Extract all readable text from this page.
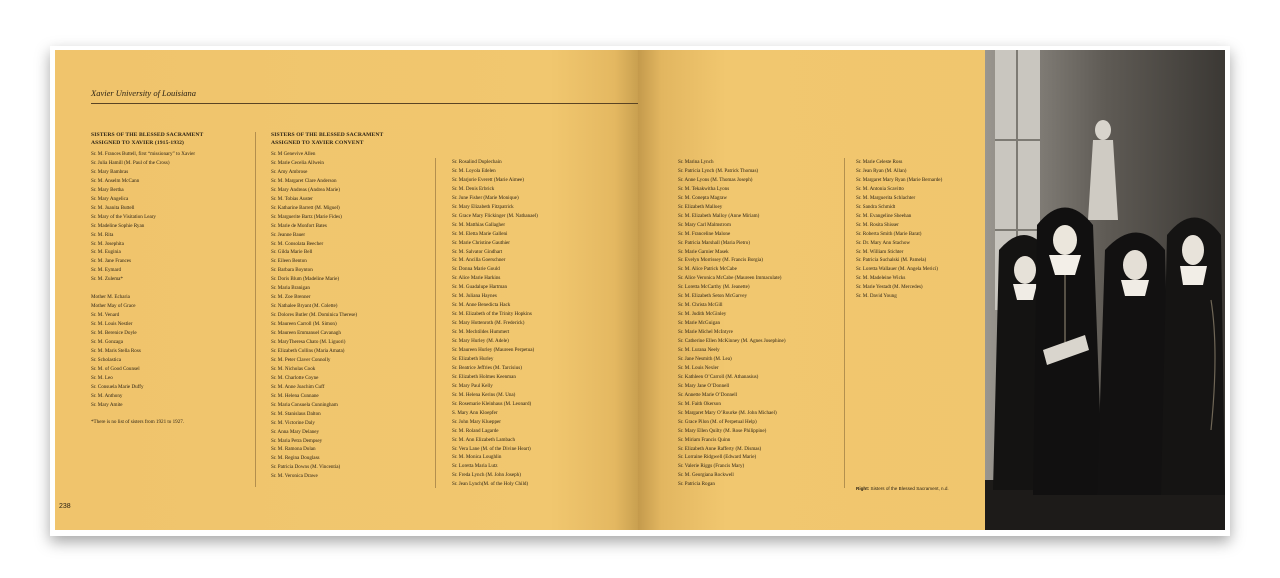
Xavier University of Louisiana
SISTERS OF THE BLESSED SACRAMENT
ASSIGNED TO XAVIER (1915-1932)
Sr. M. Frances Buttell, first “missionary” to Xavier
Sr. Julia Hamill (M. Paul of the Cross)
Sr. Mary Bambras
Sr. M. Anselm McCann
Sr. Mary Bertha
Sr. Mary Angelica
Sr. M. Juanita Buttell
Sr. Mary of the Visitation Leary
Sr. Madeline Sophie Ryan
Sr. M. Rita
Sr. M. Josephita
Sr. M. Euginia
Sr. M. Jane Frances
Sr. M. Eymard
Sr. M. Zulema*
Mother M. Echaria
Mother May of Grace
Sr. M. Venard
Sr. M. Louis Nestler
Sr. M. Berenice Doyle
Sr. M. Gonzaga
Sr. M. Maris Stella Ross
Sr. Scholastica
Sr. M. of Good Counsel
Sr. M. Leo
Sr. Consuela Marie Duffy
Sr. M. Anthony
Sr. Mary Amite
*There is no list of sisters from 1921 to 1927.
SISTERS OF THE BLESSED SACRAMENT
ASSIGNED TO XAVIER CONVENT
Sr. M Genevive Allen
Sr. Marie Cecelia Allwein
Sr. Amy Ambrose
Sr. M. Margaret Clare Anderson
Sr. Mary Andreas (Andrea Marie)
Sr. M. Tobias Auster
Sr. Katharine Barrett (M. Miguel)
Sr. Marguerite Bartz (Marie Fides)
Sr. Marie de Monfort Bates
Sr. Jeanne Bauer
Sr. M. Consolata Beecher
Sr. Gilda Marie Bell
Sr. Eileen Benton
Sr. Barbara Boynton
Sr. Doris Blum (Madeline Marie)
Sr. Maria Branigan
Sr. M. Zoe Brenner
Sr. Nathalee Bryant (M. Colette)
Sr. Dolores Butler (M. Dominica Therese)
Sr. Maureen Carroll (M. Simon)
Sr. Maureen Emmanuel Cavanagh
Sr. MaryTheresa Chato (M. Liguori)
Sr. Elizabeth Collins (Maria Amata)
Sr. M. Peter Claver Connolly
Sr. M. Nicholas Cook
Sr. M. Charlotte Coyne
Sr. M. Anne Joachim Cuff
Sr. M. Helena Cunnane
Sr. Maria Consuela Cunningham
Sr. M. Stanislaus Dalton
Sr. M. Victorine Daly
Sr. Anna Mary Delaney
Sr. Maria Petra Dempsey
Sr. M. Ramona Dolan
Sr. M. Regina Douglass
Sr. Patricia Downs (M. Vincentia)
Sr. M. Veronica Drawe
Sr. Rosalind Duplechain
Sr. M. Loyola Edelen
Sr. Marjorie Everett (Marie Aimee)
Sr. M. Denis Erbrick
Sr. June Fisher (Marie Monique)
Sr. Mary Elizabeth Fitzpatrick
Sr. Grace Mary Flickinger (M. Nathanael)
Sr. M. Matthias Gallagher
Sr. M. Eletta Marie Galleni
Sr. Marie Christine Gauthier
Sr. M. Salvator Gindhart
Sr. M. Ancilla Goerschner
Sr. Donna Marie Gould
Sr. Alice Marie Harkins
Sr. M. Guadalupe Hartman
Sr. M. Juliana Haynes
Sr. M. Anne Benedicta Hack
Sr. M. Elizabeth of the Trinity Hopkins
Sr. Mary Hottenroth (M. Frederick)
Sr. M. Mechtildes Hummert
Sr. Mary Hurley (M. Adele)
Sr. Maureen Hurley (Maureen Perpetua)
Sr. Elizabeth Hurley
Sr. Beatrice Jeffries (M. Tarcisius)
Sr. Elizabeth Holmes Keenman
Sr. Mary Paul Kelly
Sr. M. Helena Kerins (M. Una)
Sr. Rosemarie Kleinhaus (M. Leonard)
S. Mary Ann Kloepfer
Sr. John Mary Kluepper
Sr. M. Roland Lagarde
Sr. M. Ann Elizabeth Lambach
Sr. Vera Lane (M. of the Divine Heart)
Sr. M. Monica Loughlin
Sr. Loretta Maria Lutz
Sr. Freda Lynch (M. John Joseph)
Sr. Jean Lynch(M. of the Holy Child)
238
Sr. Marina Lynch
Sr. Patricia Lynch (M. Patrick Thomas)
Sr. Anne Lyons (M. Thomas Joseph)
Sr. M. Tekakwitha Lyons
Sr. M. Conepta Magraw
Sr. Elizabeth Malloey
Sr. M. Elizabeth Malloy (Anne Miriam)
Sr. Mary Carl Malmstrom
Sr. M. Franceline Malone
Sr. Patricia Marshall (Maria Pietro)
Sr. Marie Garnier Masek
Sr. Evelyn Morrissey (M. Francis Borgia)
Sr. M. Alice Patrick McCabe
Sr. Alice Veronica McCabe (Maureen Immaculate)
Sr. Loretta McCarthy (M. Jeanette)
Sr. M. Elizabeth Seton McGarvey
Sr. M. Christa McGill
Sr. M. Judith McGinley
Sr. Marie McGuigan
Sr. Marie Michel McIntyre
Sr. Catherine Ellen McKinney (M. Agnes Josephine)
Sr. M. Lurana Neely
Sr. Jane Nesmith (M. Lea)
Sr. M. Louis Nexler
Sr. Kathleen O’Carroll (M. Athanasius)
Sr. Mary Jane O’Donnell
Sr. Annette Marie O’Donnell
Sr. M. Faith Okerson
Sr. Margaret Mary O’Rourke (M. John Michael)
Sr. Grace Pilon (M. of Perpetual Help)
Sr. Mary Ellen Quilty (M. Rose Philippine)
Sr. Miriam Francis Quinn
Sr. Elizabeth Anne Rafferty (M. Dismas)
Sr. Lorraine Ridgwell (Edward Marie)
Sr. Valerie Riggs (Francis Mary)
Sr. M. Georgiana Rockwell
Sr. Patricia Rogan
Sr. Marie Celeste Ross
Sr. Jean Ryan (M. Allan)
Sr. Margaret Mary Ryan (Marie Bernarde)
Sr. M. Antonia Scavitto
Sr. M. Marguerita Schlachter
Sr. Sandra Schmidt
Sr. M. Evangeline Sheehan
Sr. M. Rosita Shisser
Sr. Roberta Smith (Marie Barat)
Sr. Dr. Mary Ann Stachow
Sr. M. William Stichter
Sr. Patricia Suchalski (M. Pamela)
Sr. Loretta Wallauer (M. Angela Merici)
Sr. M. Madeleine Wicks
Sr. Marie Yestadt (M. Mercedes)
Sr. M. David Young
Right: Sisters of the Blessed Sacrament, n.d.
